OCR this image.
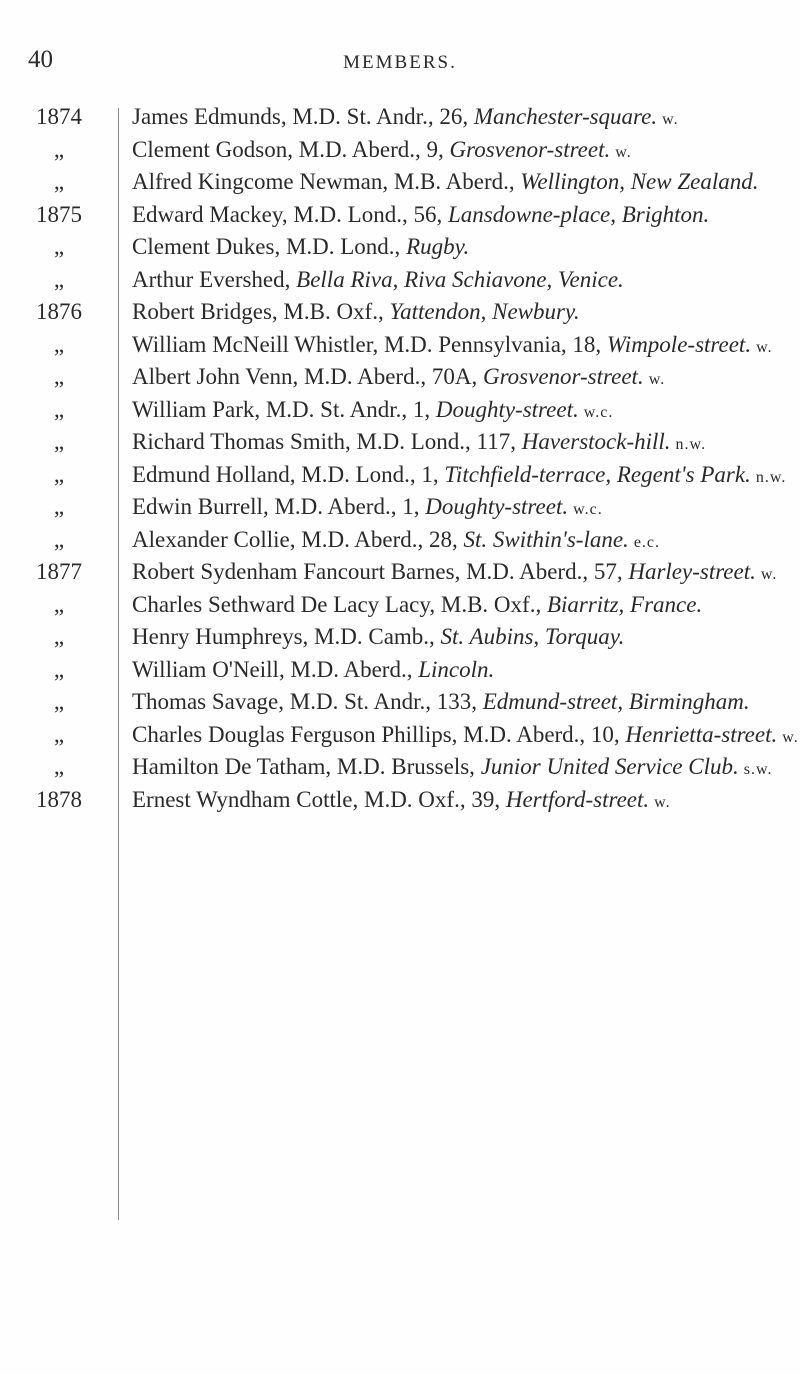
40	MEMBERS.
1874	James Edmunds, M.D. St. Andr., 26, Manchester-square. w.
„	Clement Godson, M.D. Aberd., 9, Grosvenor-street. w.
„	Alfred Kingcome Newman, M.B. Aberd., Wellington, New Zealand.
1875	Edward Mackey, M.D. Lond., 56, Lansdowne-place, Brighton.
„	Clement Dukes, M.D. Lond., Rugby.
„	Arthur Evershed, Bella Riva, Riva Schiavone, Venice.
1876	Robert Bridges, M.B. Oxf., Yattendon, Newbury.
„	William McNeill Whistler, M.D. Pennsylvania, 18, Wimpole-street. w.
„	Albert John Venn, M.D. Aberd., 70A, Grosvenor-street. w.
„	William Park, M.D. St. Andr., 1, Doughty-street. w.c.
„	Richard Thomas Smith, M.D. Lond., 117, Haverstock-hill. n.w.
„	Edmund Holland, M.D. Lond., 1, Titchfield-terrace, Regent's Park. n.w.
„	Edwin Burrell, M.D. Aberd., 1, Doughty-street. w.c.
„	Alexander Collie, M.D. Aberd., 28, St. Swithin's-lane. e.c.
1877	Robert Sydenham Fancourt Barnes, M.D. Aberd., 57, Harley-street. w.
„	Charles Sethward De Lacy Lacy, M.B. Oxf., Biarritz, France.
„	Henry Humphreys, M.D. Camb., St. Aubins, Torquay.
„	William O'Neill, M.D. Aberd., Lincoln.
„	Thomas Savage, M.D. St. Andr., 133, Edmund-street, Birmingham.
„	Charles Douglas Ferguson Phillips, M.D. Aberd., 10, Henrietta-street. w.
„	Hamilton De Tatham, M.D. Brussels, Junior United Service Club. s.w.
1878	Ernest Wyndham Cottle, M.D. Oxf., 39, Hertford-street. w.
